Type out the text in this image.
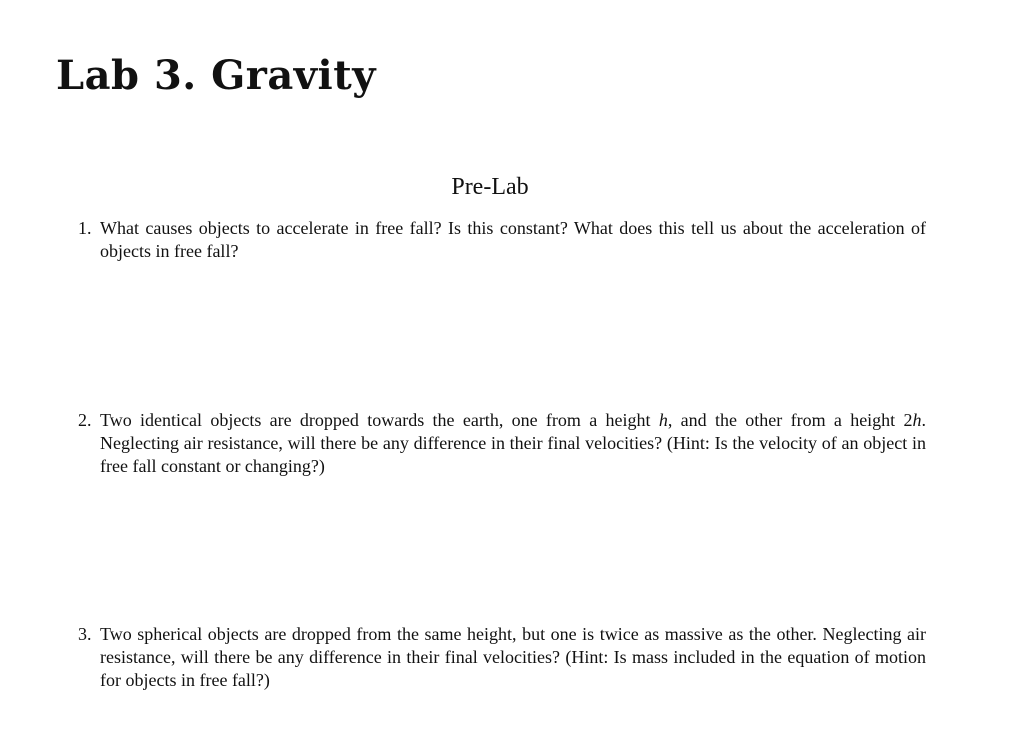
Lab 3. Gravity
Pre-Lab
1. What causes objects to accelerate in free fall? Is this constant? What does this tell us about the acceleration of objects in free fall?
2. Two identical objects are dropped towards the earth, one from a height h, and the other from a height 2h. Neglecting air resistance, will there be any difference in their final velocities? (Hint: Is the velocity of an object in free fall constant or changing?)
3. Two spherical objects are dropped from the same height, but one is twice as massive as the other. Neglecting air resistance, will there be any difference in their final velocities? (Hint: Is mass included in the equation of motion for objects in free fall?)
